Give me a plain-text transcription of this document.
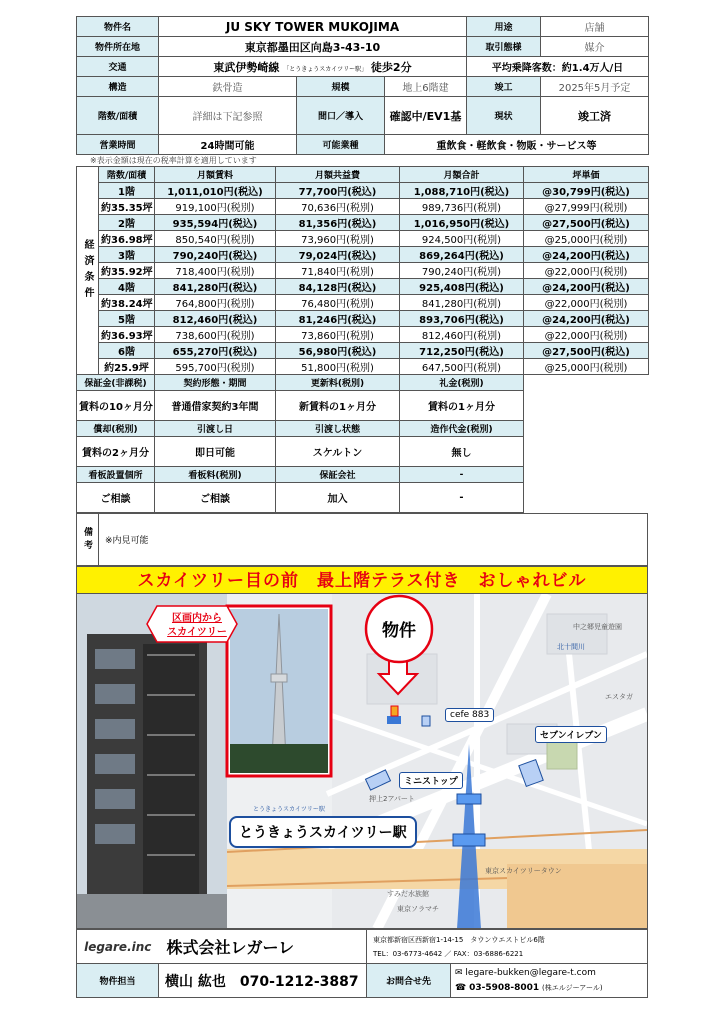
物件名	JU SKY TOWER MUKOJIMA			用途	店舗
物件所在地	東京都墨田区向島3-43-10			取引態様	媒介
交通	東武伊勢崎線 「とうきょうスカイツリー駅」 徒歩2分			平均乗降客数：約1.4万人/日	
構造	鉄骨造	規模	地上6階建	竣工	2025年5月予定
階数/面積	詳細は下記参照	間口／導入	確認中/EV1基	現状	竣工済
営業時間	24時間可能	可能業種	重飲食・軽飲食・物販・サービス等		
※表示金額は現在の税率計算を適用しています
経済条件	階数/面積	月額賃料	月額共益費	月額合計	坪単価
	1階	1,011,010円(税込)	77,700円(税込)	1,088,710円(税込)	@30,799円(税込)
	約35.35坪	919,100円(税別)	70,636円(税別)	989,736円(税別)	@27,999円(税別)
	2階	935,594円(税込)	81,356円(税込)	1,016,950円(税込)	@27,500円(税込)
	約36.98坪	850,540円(税別)	73,960円(税別)	924,500円(税別)	@25,000円(税別)
	3階	790,240円(税込)	79,024円(税込)	869,264円(税込)	@24,200円(税込)
	約35.92坪	718,400円(税別)	71,840円(税別)	790,240円(税別)	@22,000円(税別)
	4階	841,280円(税込)	84,128円(税込)	925,408円(税込)	@24,200円(税込)
	約38.24坪	764,800円(税別)	76,480円(税別)	841,280円(税別)	@22,000円(税別)
	5階	812,460円(税込)	81,246円(税込)	893,706円(税込)	@24,200円(税込)
	約36.93坪	738,600円(税別)	73,860円(税別)	812,460円(税別)	@22,000円(税別)
	6階	655,270円(税込)	56,980円(税込)	712,250円(税込)	@27,500円(税込)
	約25.9坪	595,700円(税別)	51,800円(税別)	647,500円(税別)	@25,000円(税別)
保証金(非課税)		契約形態・期間	更新料(税別)	礼金(税別)	
賃料の10ヶ月分		普通借家契約3年間	新賃料の1ヶ月分	賃料の1ヶ月分	
償却(税別)		引渡し日	引渡し状態	造作代金(税別)	
賃料の2ヶ月分		即日可能	スケルトン	無し	
看板設置個所		看板料(税別)	保証会社	-	
ご相談		ご相談	加入	-	
備考	※内見可能
スカイツリー目の前　最上階テラス付き　おしゃれビル
区画内から
スカイツリー	物件
cefe 883
セブンイレブン
ミニストップ
とうきょうスカイツリー駅
中之郷児童遊園
エスタガ
押上2アパート
東京スカイツリータウン
すみだ水族館
東京ソラマチ
とうきょうスカイツリー駅
北十間川
legare.inc	株式会社レガーレ	東京都新宿区西新宿1-14-15　タウンウエストビル6階
TEL：03-6773-4642 ／ FAX：03-6886-6221	

物件担当	横山 紘也　070-1212-3887	お問合せ先	✉ legare-bukken@legare-t.com
☎ 03-5908-8001 (株エルジーアール)
